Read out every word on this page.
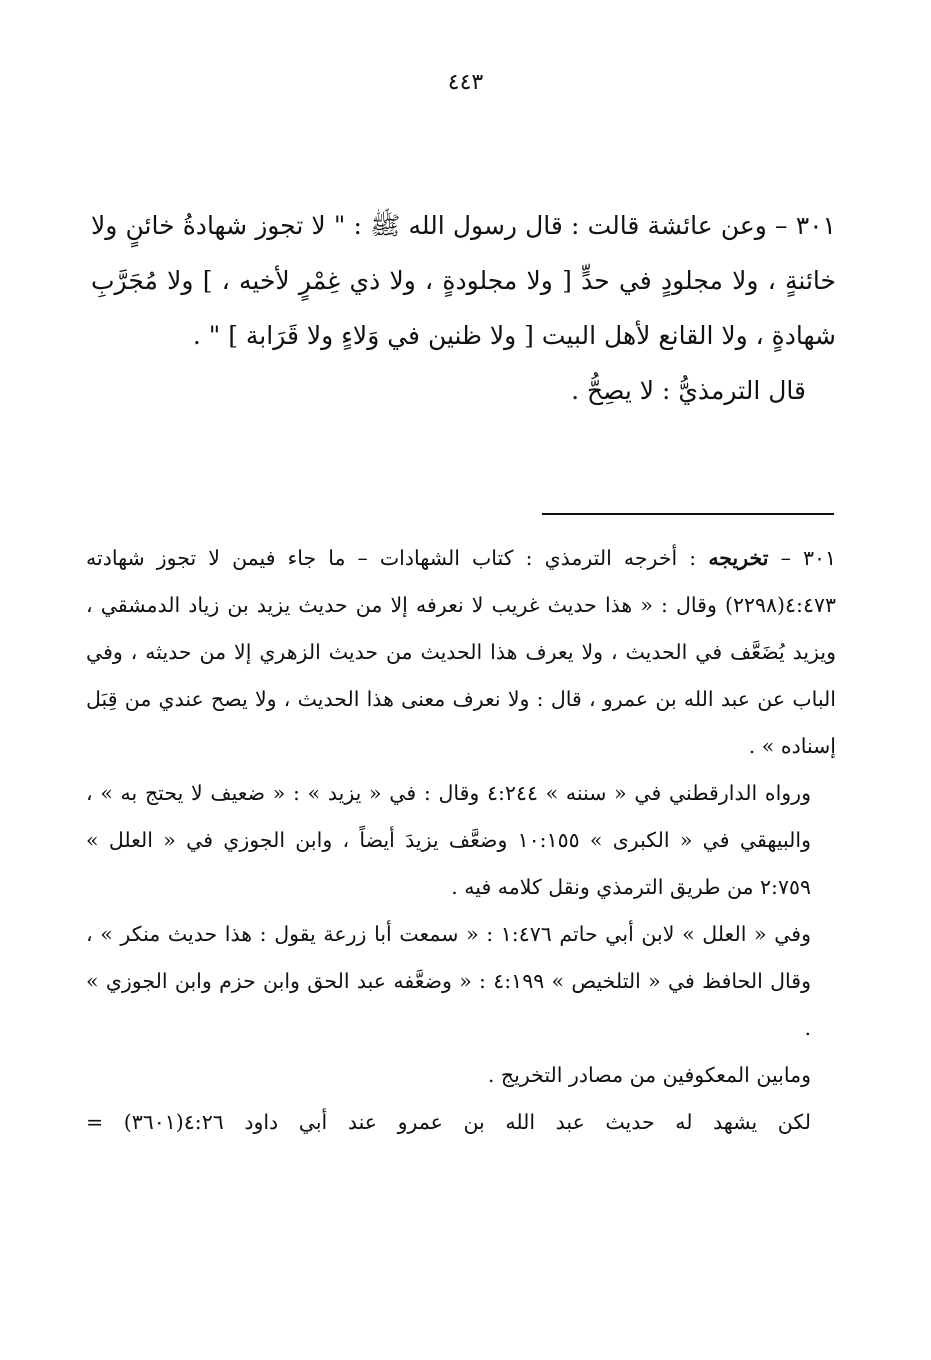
٤٤٣

٣٠١ – وعن عائشة قالت : قال رسول الله ﷺ : " لا تجوز شهادةُ خائنٍ ولا خائنةٍ ، ولا مجلودٍ في حدٍّ [ ولا مجلودةٍ ، ولا ذي غِمْرٍ لأخيه ، ] ولا مُجَرَّبِ شهادةٍ ، ولا القانع لأهل البيت [ ولا ظنين في وَلاءٍ ولا قَرَابة ] " .

قال الترمذيُّ : لا يصِحُّ .

٣٠١ – تخريجه : أخرجه الترمذي : كتاب الشهادات – ما جاء فيمن لا تجوز شهادته ٤:٤٧٣(٢٢٩٨) وقال : « هذا حديث غريب لا نعرفه إلا من حديث يزيد بن زياد الدمشقي ، ويزيد يُضَعَّف في الحديث ، ولا يعرف هذا الحديث من حديث الزهري إلا من حديثه ، وفي الباب عن عبد الله بن عمرو ، قال : ولا نعرف معنى هذا الحديث ، ولا يصح عندي من قِبَل إسناده » .

ورواه الدارقطني في « سننه » ٤:٢٤٤ وقال : في « يزيد » : « ضعيف لا يحتج به » ، والبيهقي في « الكبرى » ١٠:١٥٥ وضعَّف يزيدَ أيضاً ، وابن الجوزي في « العلل » ٢:٧٥٩ من طريق الترمذي ونقل كلامه فيه .

وفي « العلل » لابن أبي حاتم ١:٤٧٦ : « سمعت أبا زرعة يقول : هذا حديث منكر » ، وقال الحافظ في « التلخيص » ٤:١٩٩ : « وضعَّفه عبد الحق وابن حزم وابن الجوزي » .

ومابين المعكوفين من مصادر التخريج .

لكن يشهد له حديث عبد الله بن عمرو عند أبي داود ٤:٢٦(٣٦٠١) =
